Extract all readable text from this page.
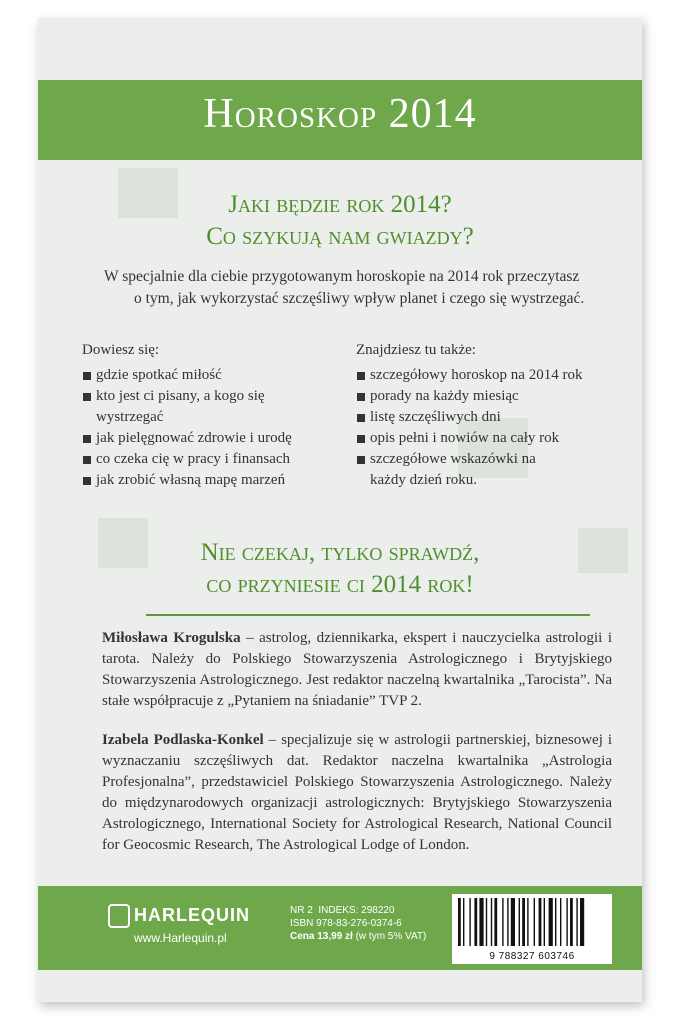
Horoskop 2014
Jaki będzie rok 2014?
Co szykują nam gwiazdy?
W specjalnie dla ciebie przygotowanym horoskopie na 2014 rok przeczytasz
o tym, jak wykorzystać szczęśliwy wpływ planet i czego się wystrzegać.
Dowiesz się:
gdzie spotkać miłość
kto jest ci pisany, a kogo się wystrzegać
jak pielęgnować zdrowie i urodę
co czeka cię w pracy i finansach
jak zrobić własną mapę marzeń
Znajdziesz tu także:
szczegółowy horoskop na 2014 rok
porady na każdy miesiąc
listę szczęśliwych dni
opis pełni i nowiów na cały rok
szczegółowe wskazówki na każdy dzień roku.
Nie czekaj, tylko sprawdź,
co przyniesie ci 2014 rok!
Miłosława Krogulska – astrolog, dziennikarka, ekspert i nauczycielka astrologii i tarota. Należy do Polskiego Stowarzyszenia Astrologicznego i Brytyjskiego Stowarzyszenia Astrologicznego. Jest redaktor naczelną kwartalnika „Tarocista”. Na stałe współpracuje z „Pytaniem na śniadanie” TVP 2.
Izabela Podlaska-Konkel – specjalizuje się w astrologii partnerskiej, biznesowej i wyznaczaniu szczęśliwych dat. Redaktor naczelna kwartalnika „Astrologia Profesjonalna”, przedstawiciel Polskiego Stowarzyszenia Astrologicznego. Należy do międzynarodowych organizacji astrologicznych: Brytyjskiego Stowarzyszenia Astrologicznego, International Society for Astrological Research, National Council for Geocosmic Research, The Astrological Lodge of London.
HARLEQUIN
www.Harlequin.pl
NR 2 INDEKS: 298220
ISBN 978-83-276-0374-6
Cena 13,99 zł (w tym 5% VAT)
9 788327 603746
